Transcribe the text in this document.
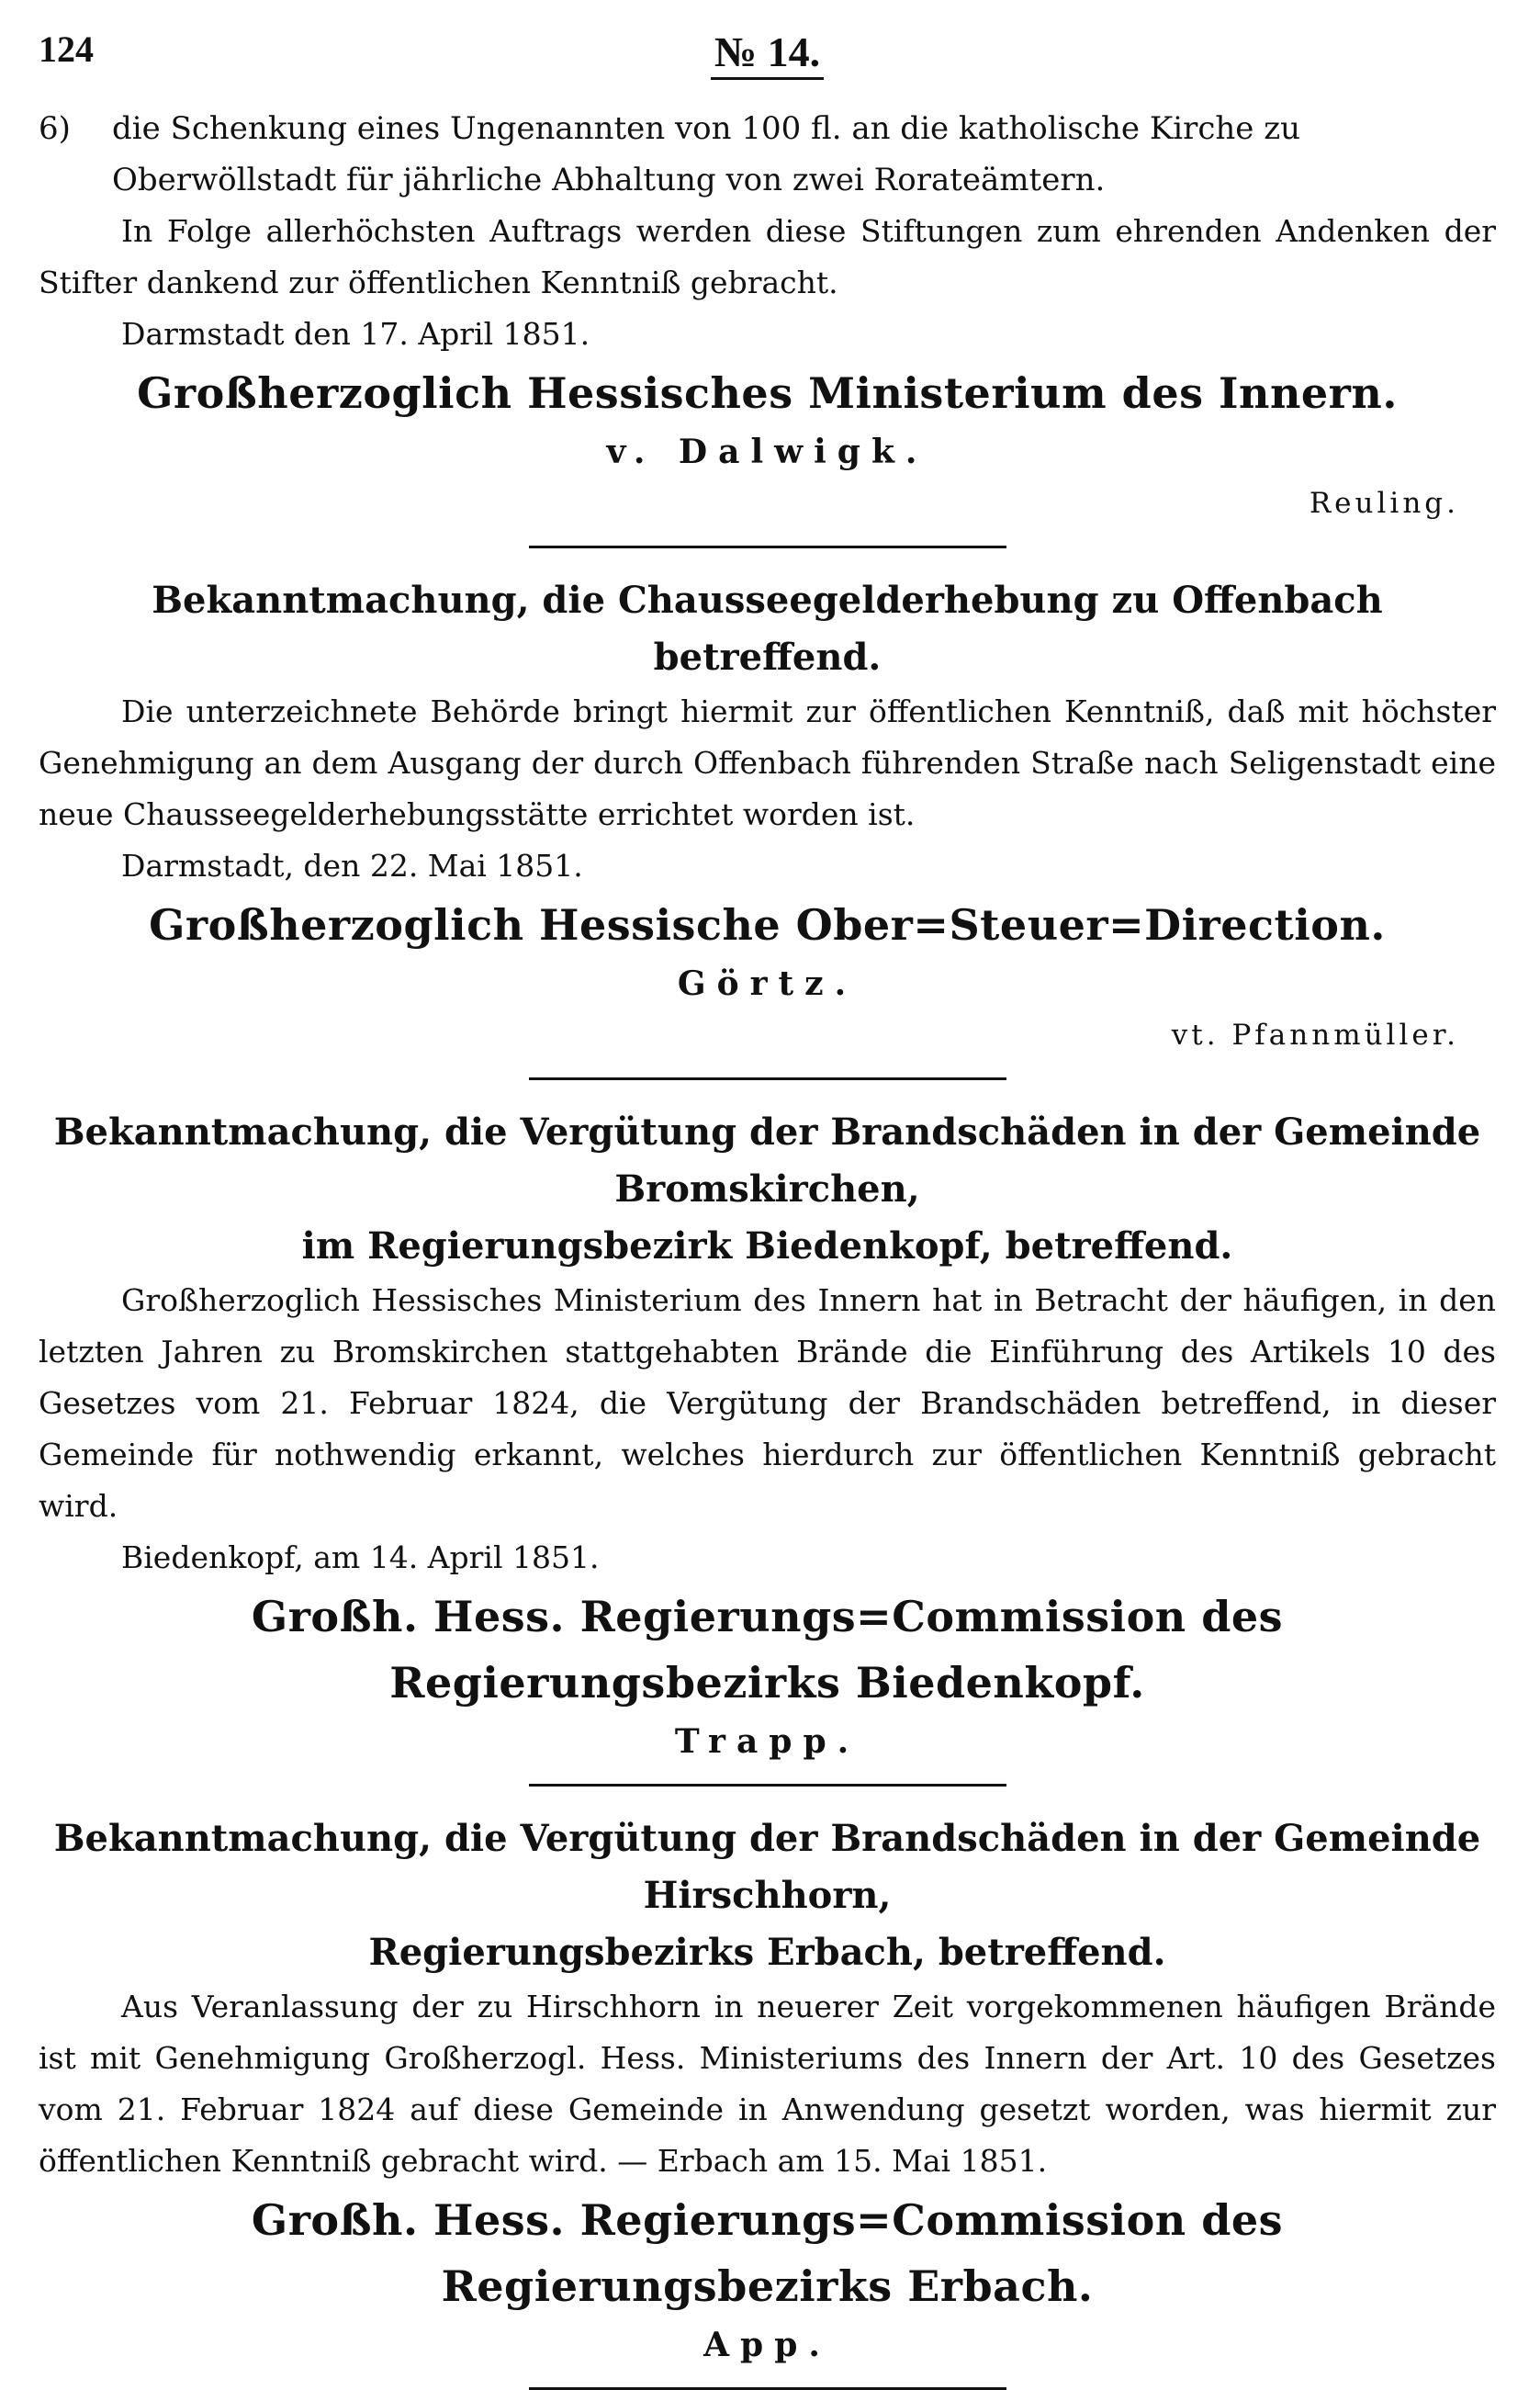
124	№ 14.
6) die Schenkung eines Ungenannten von 100 fl. an die katholische Kirche zu Oberwöllstadt für jährliche Abhaltung von zwei Rorateämtern.

In Folge allerhöchsten Auftrags werden diese Stiftungen zum ehrenden Andenken der Stifter dankend zur öffentlichen Kenntniß gebracht.

Darmstadt den 17. April 1851.
Großherzoglich Hessisches Ministerium des Innern.
v. Dalwigk.
Reuling.
Bekanntmachung, die Chausseegelderhebung zu Offenbach betreffend.

Die unterzeichnete Behörde bringt hiermit zur öffentlichen Kenntniß, daß mit höchster Genehmigung an dem Ausgang der durch Offenbach führenden Straße nach Seligenstadt eine neue Chausseegelderhebungsstätte errichtet worden ist.

Darmstadt, den 22. Mai 1851.
Großherzoglich Hessische Ober=Steuer=Direction.
Görtz.
vt. Pfannmüller.
Bekanntmachung, die Vergütung der Brandschäden in der Gemeinde Bromskirchen,
im Regierungsbezirk Biedenkopf, betreffend.

Großherzoglich Hessisches Ministerium des Innern hat in Betracht der häufigen, in den letzten Jahren zu Bromskirchen stattgehabten Brände die Einführung des Artikels 10 des Gesetzes vom 21. Februar 1824, die Vergütung der Brandschäden betreffend, in dieser Gemeinde für nothwendig erkannt, welches hierdurch zur öffentlichen Kenntniß gebracht wird.

Biedenkopf, am 14. April 1851.
Großh. Hess. Regierungs=Commission des Regierungsbezirks Biedenkopf.
Trapp.
Bekanntmachung, die Vergütung der Brandschäden in der Gemeinde Hirschhorn,
Regierungsbezirks Erbach, betreffend.

Aus Veranlassung der zu Hirschhorn in neuerer Zeit vorgekommenen häufigen Brände ist mit Genehmigung Großherzogl. Hess. Ministeriums des Innern der Art. 10 des Gesetzes vom 21. Februar 1824 auf diese Gemeinde in Anwendung gesetzt worden, was hiermit zur öffentlichen Kenntniß gebracht wird. — Erbach am 15. Mai 1851.

Großh. Hess. Regierungs=Commission des Regierungsbezirks Erbach.
App.
